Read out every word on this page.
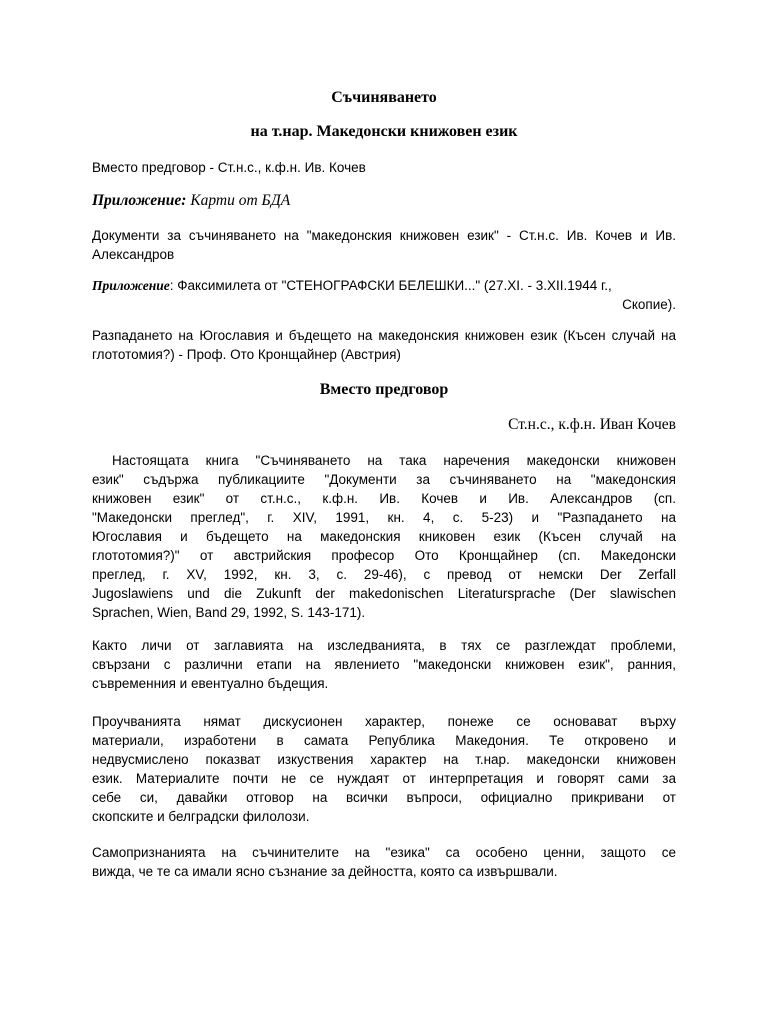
Съчиняването
на т.нар. Македонски книжовен език
Вместо предговор - Ст.н.с., к.ф.н. Ив. Кочев
Приложение: Карти от БДА
Документи за съчиняването на "македонския книжовен език" - Ст.н.с. Ив. Кочев и Ив.
Александров
Приложение: Факсимилета от "СТЕНОГРАФСКИ БЕЛЕШКИ..." (27.XI. - 3.XII.1944 г.,
Скопие).
Разпадането на Югославия и бъдещето на македонския книжовен език (Късен случай на
глототомия?) - Проф. Ото Кронщайнер (Австрия)
Вместо предговор
Ст.н.с., к.ф.н. Иван Кочев
Настоящата книга "Съчиняването на така наречения македонски книжовен
език" съдържа публикациите "Документи за съчиняването на "македонския
книжовен език" от ст.н.с., к.ф.н. Ив. Кочев и Ив. Александров (сп.
"Македонски преглед", г. XIV, 1991, кн. 4, с. 5-23) и "Разпадането на
Югославия и бъдещето на македонския книковен език (Късен случай на
глототомия?)" от австрийския професор Ото Кронщайнер (сп. Македонски
преглед, г. XV, 1992, кн. 3, с. 29-46), с превод от немски Der Zerfall
Jugoslawiens und die Zukunft der makedonischen Literatursprache (Der slawischen
Sprachen, Wien, Band 29, 1992, S. 143-171).
Както личи от заглавията на изследванията, в тях се разглеждат проблеми,
свързани с различни етапи на явлението "македонски книжовен език", ранния,
съвременния и евентуално бъдещия.
Проучванията нямат дискусионен характер, понеже се основават върху
материали, изработени в самата Република Македония. Те откровено и
недвусмислено показват изкуствения характер на т.нар. македонски книжовен
език. Материалите почти не се нуждаят от интерпретация и говорят сами за
себе си, давайки отговор на всички въпроси, официално прикривани от
скопските и белградски филолози.
Самопризнанията на съчинителите на "езика" са особено ценни, защото се
вижда, че те са имали ясно съзнание за дейността, която са извършвали.
